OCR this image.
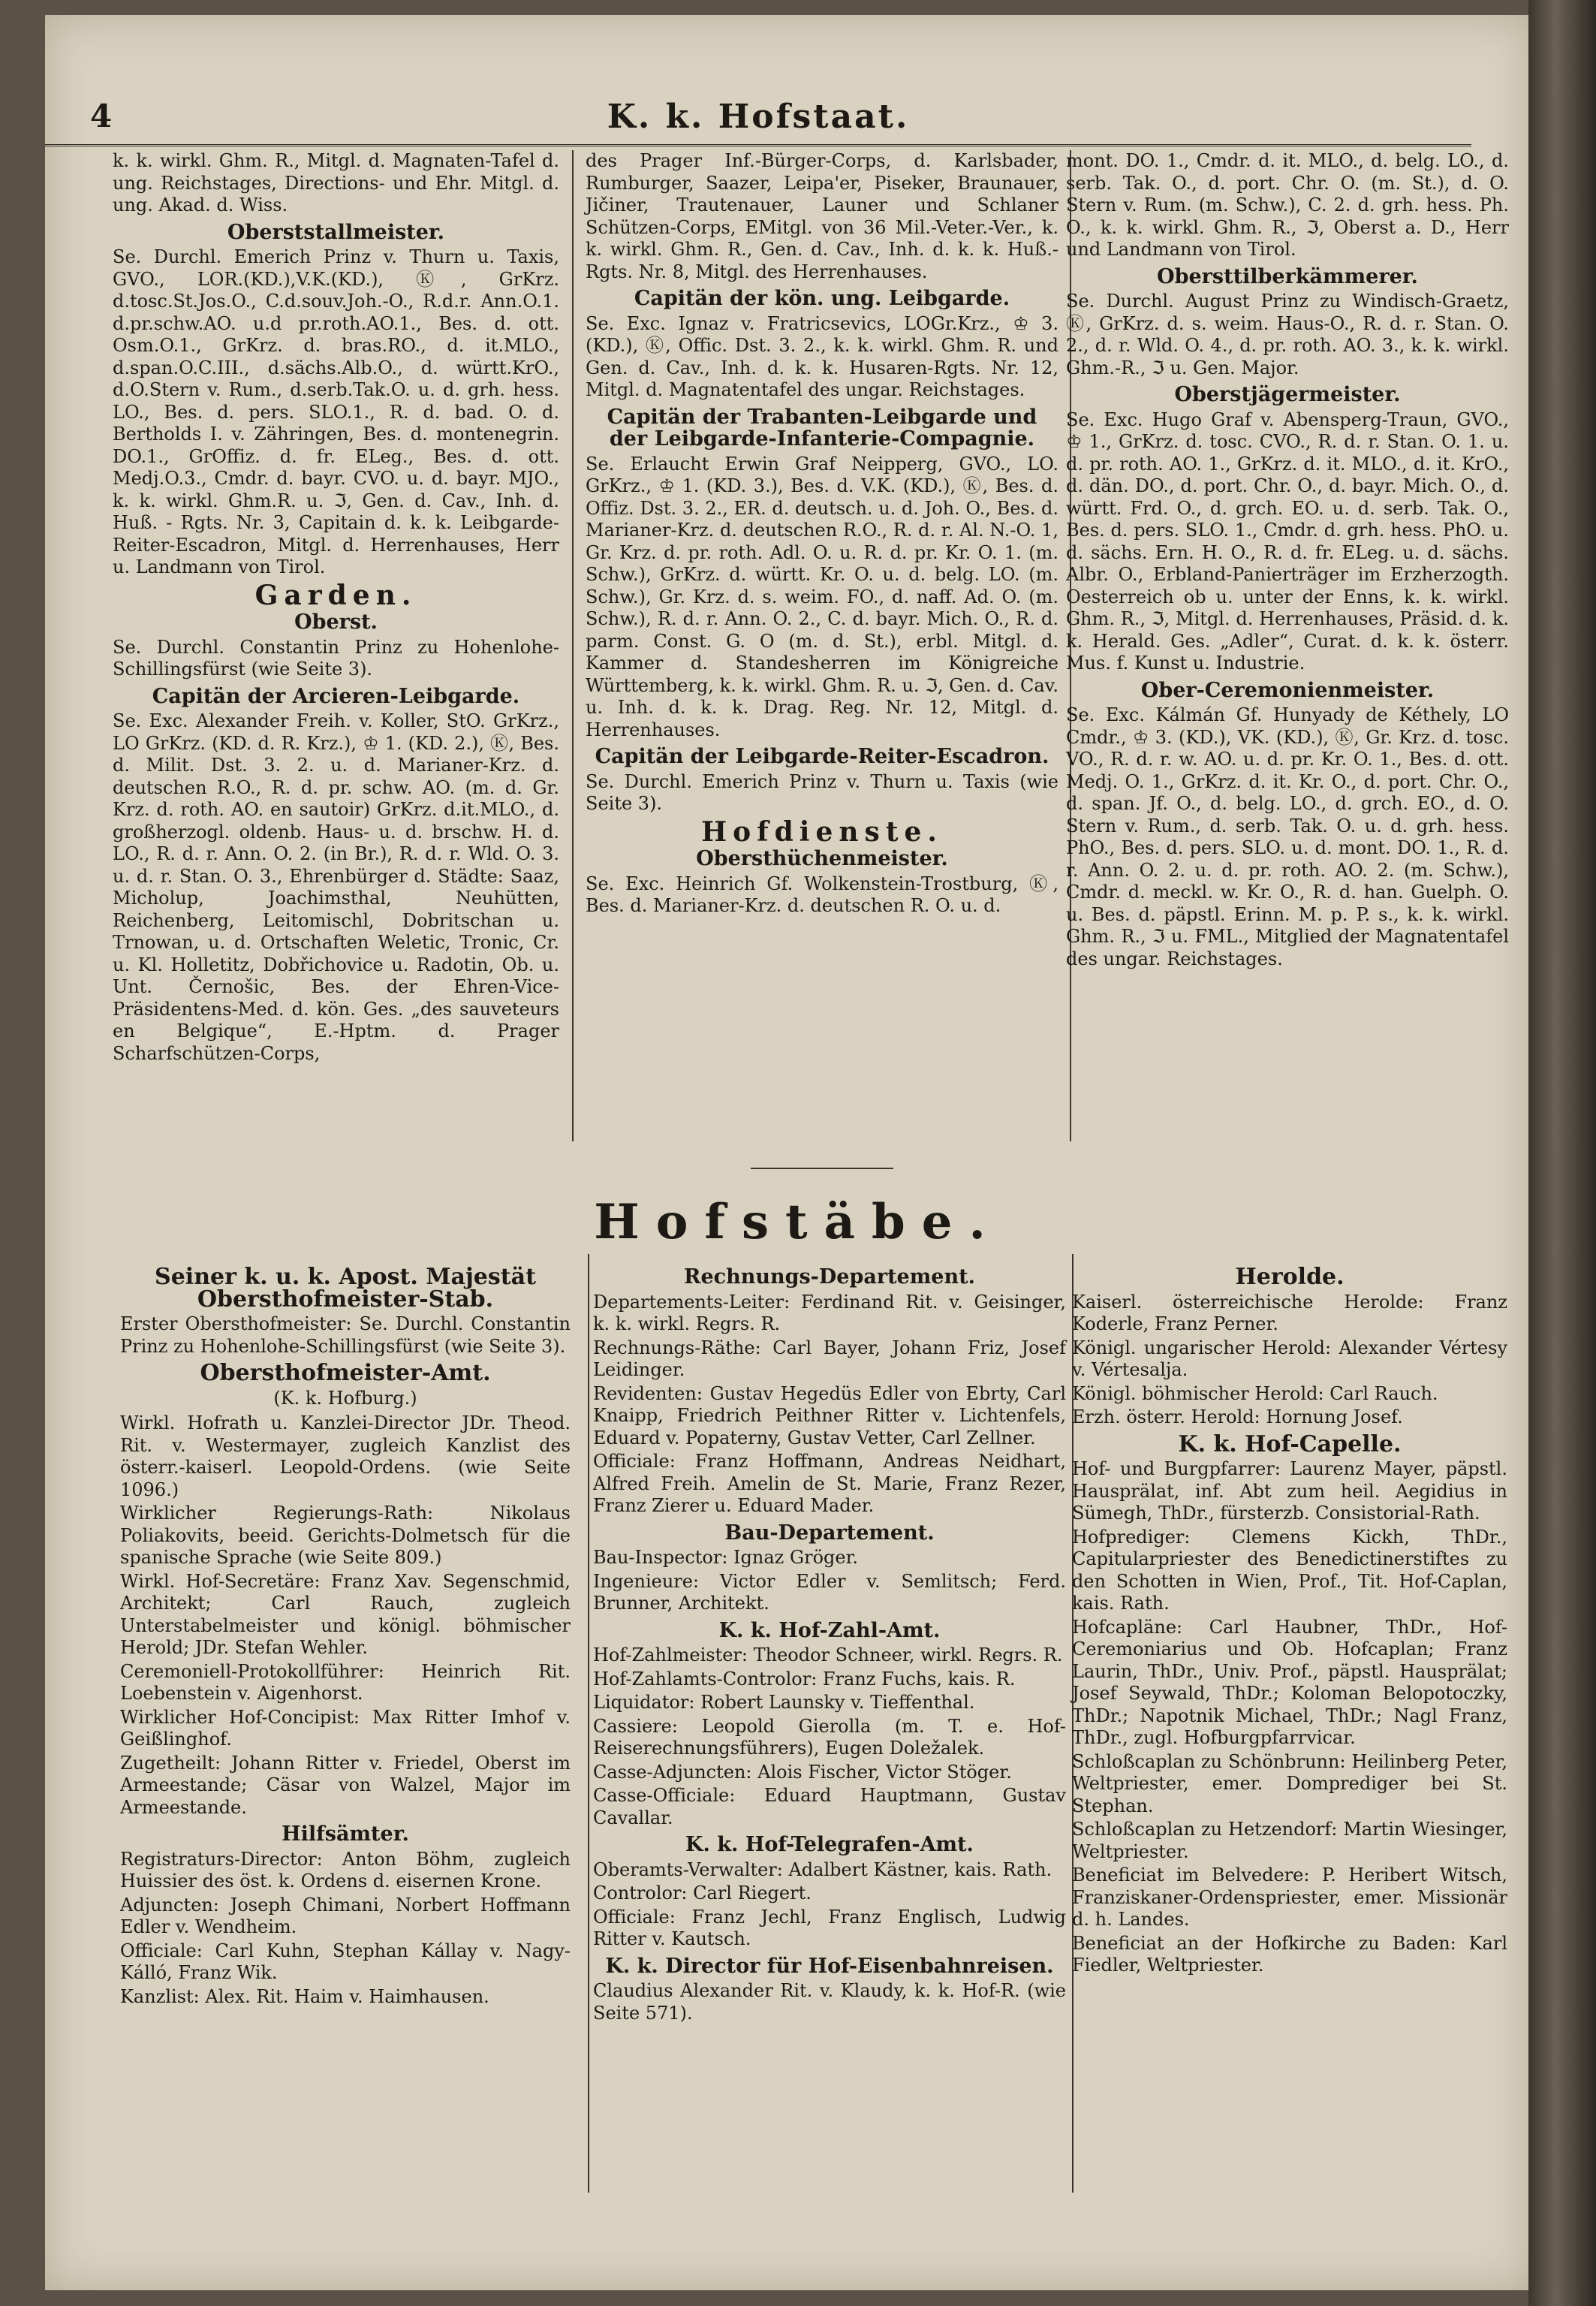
4	K. k. Hofstaat.

k. k. wirkl. Ghm. R., Mitgl. d. Magnaten-Tafel d. ung. Reichstages, Directions- und Ehr. Mitgl. d. ung. Akad. d. Wiss.

Oberststallmeister.

Se. Durchl. Emerich Prinz v. Thurn u. Taxis, GVO., LOR.(KD.),V.K.(KD.), Ⓚ, GrKrz. d.tosc.St.Jos.O., C.d.souv.Joh.-O., R.d.r. Ann.O.1. d.pr.schw.AO. u.d pr.roth.AO.1., Bes. d. ott. Osm.O.1., GrKrz. d. bras.RO., d. it.MLO., d.span.O.C.III., d.sächs.Alb.O., d. württ.KrO., d.O.Stern v. Rum., d.serb.Tak.O. u. d. grh. hess. LO., Bes. d. pers. SLO.1., R. d. bad. O. d. Bertholds I. v. Zähringen, Bes. d. montenegrin. DO.1., GrOffiz. d. fr. ELeg., Bes. d. ott. Medj.O.3., Cmdr. d. bayr. CVO. u. d. bayr. MJO., k. k. wirkl. Ghm.R. u. ℑ, Gen. d. Cav., Inh. d. Huß. - Rgts. Nr. 3, Capitain d. k. k. Leibgarde-Reiter-Escadron, Mitgl. d. Herrenhauses, Herr u. Landmann von Tirol.

Garden.
Oberst.

Se. Durchl. Constantin Prinz zu Hohenlohe-Schillingsfürst (wie Seite 3).

Capitän der Arcieren-Leibgarde.

Se. Exc. Alexander Freih. v. Koller, StO. GrKrz., LO GrKrz. (KD. d. R. Krz.), ♔ 1. (KD. 2.), Ⓚ, Bes. d. Milit. Dst. 3. 2. u. d. Marianer-Krz. d. deutschen R.O., R. d. pr. schw. AO. (m. d. Gr. Krz. d. roth. AO. en sautoir) GrKrz. d.it.MLO., d. großherzogl. oldenb. Haus- u. d. brschw. H. d. LO., R. d. r. Ann. O. 2. (in Br.), R. d. r. Wld. O. 3. u. d. r. Stan. O. 3., Ehrenbürger d. Städte: Saaz, Micholup, Joachimsthal, Neuhütten, Reichenberg, Leitomischl, Dobritschan u. Trnowan, u. d. Ortschaften Weletic, Tronic, Cr. u. Kl. Holletitz, Dobřichovice u. Radotin, Ob. u. Unt. Černošic, Bes. der Ehren-Vice-Präsidentens-Med. d. kön. Ges. „des sauveteurs en Belgique“, E.-Hptm. d. Prager Scharfschützen-Corps,

des Prager Inf.-Bürger-Corps, d. Karlsbader, Rumburger, Saazer, Leipa'er, Piseker, Braunauer, Jičiner, Trautenauer, Launer und Schlaner Schützen-Corps, EMitgl. von 36 Mil.-Veter.-Ver., k. k. wirkl. Ghm. R., Gen. d. Cav., Inh. d. k. k. Huß.-Rgts. Nr. 8, Mitgl. des Herrenhauses.

Capitän der kön. ung. Leibgarde.

Se. Exc. Ignaz v. Fratricsevics, LOGr.Krz., ♔ 3. (KD.), Ⓚ, Offic. Dst. 3. 2., k. k. wirkl. Ghm. R. und Gen. d. Cav., Inh. d. k. k. Husaren-Rgts. Nr. 12, Mitgl. d. Magnatentafel des ungar. Reichstages.

Capitän der Trabanten-Leibgarde und der Leibgarde-Infanterie-Compagnie.

Se. Erlaucht Erwin Graf Neipperg, GVO., LO. GrKrz., ♔ 1. (KD. 3.), Bes. d. V.K. (KD.), Ⓚ, Bes. d. Offiz. Dst. 3. 2., ER. d. deutsch. u. d. Joh. O., Bes. d. Marianer-Krz. d. deutschen R.O., R. d. r. Al. N.-O. 1, Gr. Krz. d. pr. roth. Adl. O. u. R. d. pr. Kr. O. 1. (m. Schw.), GrKrz. d. württ. Kr. O. u. d. belg. LO. (m. Schw.), Gr. Krz. d. s. weim. FO., d. naff. Ad. O. (m. Schw.), R. d. r. Ann. O. 2., C. d. bayr. Mich. O., R. d. parm. Const. G. O (m. d. St.), erbl. Mitgl. d. Kammer d. Standesherren im Königreiche Württemberg, k. k. wirkl. Ghm. R. u. ℑ, Gen. d. Cav. u. Inh. d. k. k. Drag. Reg. Nr. 12, Mitgl. d. Herrenhauses.

Capitän der Leibgarde-Reiter-Escadron.

Se. Durchl. Emerich Prinz v. Thurn u. Taxis (wie Seite 3).

Hofdienste.
Obersthüchenmeister.

Se. Exc. Heinrich Gf. Wolkenstein-Trostburg, Ⓚ, Bes. d. Marianer-Krz. d. deutschen R. O. u. d.

mont. DO. 1., Cmdr. d. it. MLO., d. belg. LO., d. serb. Tak. O., d. port. Chr. O. (m. St.), d. O. Stern v. Rum. (m. Schw.), C. 2. d. grh. hess. Ph. O., k. k. wirkl. Ghm. R., ℑ, Oberst a. D., Herr und Landmann von Tirol.

Obersttilberkämmerer.

Se. Durchl. August Prinz zu Windisch-Graetz, Ⓚ, GrKrz. d. s. weim. Haus-O., R. d. r. Stan. O. 2., d. r. Wld. O. 4., d. pr. roth. AO. 3., k. k. wirkl. Ghm.-R., ℑ u. Gen. Major.

Oberstjägermeister.

Se. Exc. Hugo Graf v. Abensperg-Traun, GVO., ♔ 1., GrKrz. d. tosc. CVO., R. d. r. Stan. O. 1. u. d. pr. roth. AO. 1., GrKrz. d. it. MLO., d. it. KrO., d. dän. DO., d. port. Chr. O., d. bayr. Mich. O., d. württ. Frd. O., d. grch. EO. u. d. serb. Tak. O., Bes. d. pers. SLO. 1., Cmdr. d. grh. hess. PhO. u. d. sächs. Ern. H. O., R. d. fr. ELeg. u. d. sächs. Albr. O., Erbland-Panierträger im Erzherzogth. Oesterreich ob u. unter der Enns, k. k. wirkl. Ghm. R., ℑ, Mitgl. d. Herrenhauses, Präsid. d. k. k. Herald. Ges. „Adler“, Curat. d. k. k. österr. Mus. f. Kunst u. Industrie.

Ober-Ceremonienmeister.

Se. Exc. Kálmán Gf. Hunyady de Kéthely, LO Cmdr., ♔ 3. (KD.), VK. (KD.), Ⓚ, Gr. Krz. d. tosc. VO., R. d. r. w. AO. u. d. pr. Kr. O. 1., Bes. d. ott. Medj. O. 1., GrKrz. d. it. Kr. O., d. port. Chr. O., d. span. Jf. O., d. belg. LO., d. grch. EO., d. O. Stern v. Rum., d. serb. Tak. O. u. d. grh. hess. PhO., Bes. d. pers. SLO. u. d. mont. DO. 1., R. d. r. Ann. O. 2. u. d. pr. roth. AO. 2. (m. Schw.), Cmdr. d. meckl. w. Kr. O., R. d. han. Guelph. O. u. Bes. d. päpstl. Erinn. M. p. P. s., k. k. wirkl. Ghm. R., ℑ u. FML., Mitglied der Magnatentafel des ungar. Reichstages.

Hofstäbe.
Seiner k. u. k. Apost. Majestät Obersthofmeister-Stab.

Erster Obersthofmeister: Se. Durchl. Constantin Prinz zu Hohenlohe-Schillingsfürst (wie Seite 3).

Obersthofmeister-Amt.
(K. k. Hofburg.)

Wirkl. Hofrath u. Kanzlei-Director JDr. Theod. Rit. v. Westermayer, zugleich Kanzlist des österr.-kaiserl. Leopold-Ordens. (wie Seite 1096.)

Wirklicher Regierungs-Rath: Nikolaus Poliakovits, beeid. Gerichts-Dolmetsch für die spanische Sprache (wie Seite 809.)

Wirkl. Hof-Secretäre: Franz Xav. Segenschmid, Architekt; Carl Rauch, zugleich Unterstabelmeister und königl. böhmischer Herold; JDr. Stefan Wehler.

Ceremoniell-Protokollführer: Heinrich Rit. Loebenstein v. Aigenhorst.

Wirklicher Hof-Concipist: Max Ritter Imhof v. Geißlinghof.

Zugetheilt: Johann Ritter v. Friedel, Oberst im Armeestande; Cäsar von Walzel, Major im Armeestande.

Hilfsämter.

Registraturs-Director: Anton Böhm, zugleich Huissier des öst. k. Ordens d. eisernen Krone.

Adjuncten: Joseph Chimani, Norbert Hoffmann Edler v. Wendheim.

Officiale: Carl Kuhn, Stephan Kállay v. Nagy-Kálló, Franz Wik.

Kanzlist: Alex. Rit. Haim v. Haimhausen.

Rechnungs-Departement.

Departements-Leiter: Ferdinand Rit. v. Geisinger, k. k. wirkl. Regrs. R.

Rechnungs-Räthe: Carl Bayer, Johann Friz, Josef Leidinger.

Revidenten: Gustav Hegedüs Edler von Ebrty, Carl Knaipp, Friedrich Peithner Ritter v. Lichtenfels, Eduard v. Popaterny, Gustav Vetter, Carl Zellner.

Officiale: Franz Hoffmann, Andreas Neidhart, Alfred Freih. Amelin de St. Marie, Franz Rezer, Franz Zierer u. Eduard Mader.

Bau-Departement.

Bau-Inspector: Ignaz Gröger.

Ingenieure: Victor Edler v. Semlitsch; Ferd. Brunner, Architekt.

K. k. Hof-Zahl-Amt.

Hof-Zahlmeister: Theodor Schneer, wirkl. Regrs. R.

Hof-Zahlamts-Controlor: Franz Fuchs, kais. R.

Liquidator: Robert Launsky v. Tieffenthal.

Cassiere: Leopold Gierolla (m. T. e. Hof-Reiserechnungsführers), Eugen Doležalek.

Casse-Adjuncten: Alois Fischer, Victor Stöger.

Casse-Officiale: Eduard Hauptmann, Gustav Cavallar.

K. k. Hof-Telegrafen-Amt.

Oberamts-Verwalter: Adalbert Kästner, kais. Rath.

Controlor: Carl Riegert.

Officiale: Franz Jechl, Franz Englisch, Ludwig Ritter v. Kautsch.

K. k. Director für Hof-Eisenbahnreisen.

Claudius Alexander Rit. v. Klaudy, k. k. Hof-R. (wie Seite 571).

Herolde.

Kaiserl. österreichische Herolde: Franz Koderle, Franz Perner.

Königl. ungarischer Herold: Alexander Vértesy v. Vértesalja.

Königl. böhmischer Herold: Carl Rauch.

Erzh. österr. Herold: Hornung Josef.

K. k. Hof-Capelle.

Hof- und Burgpfarrer: Laurenz Mayer, päpstl. Hausprälat, inf. Abt zum heil. Aegidius in Sümegh, ThDr., fürsterzb. Consistorial-Rath.

Hofprediger: Clemens Kickh, ThDr., Capitularpriester des Benedictinerstiftes zu den Schotten in Wien, Prof., Tit. Hof-Caplan, kais. Rath.

Hofcapläne: Carl Haubner, ThDr., Hof-Ceremoniarius und Ob. Hofcaplan; Franz Laurin, ThDr., Univ. Prof., päpstl. Hausprälat; Josef Seywald, ThDr.; Koloman Belopotoczky, ThDr.; Napotnik Michael, ThDr.; Nagl Franz, ThDr., zugl. Hofburgpfarrvicar.

Schloßcaplan zu Schönbrunn: Heilinberg Peter, Weltpriester, emer. Domprediger bei St. Stephan.

Schloßcaplan zu Hetzendorf: Martin Wiesinger, Weltpriester.

Beneficiat im Belvedere: P. Heribert Witsch, Franziskaner-Ordenspriester, emer. Missionär d. h. Landes.

Beneficiat an der Hofkirche zu Baden: Karl Fiedler, Weltpriester.
